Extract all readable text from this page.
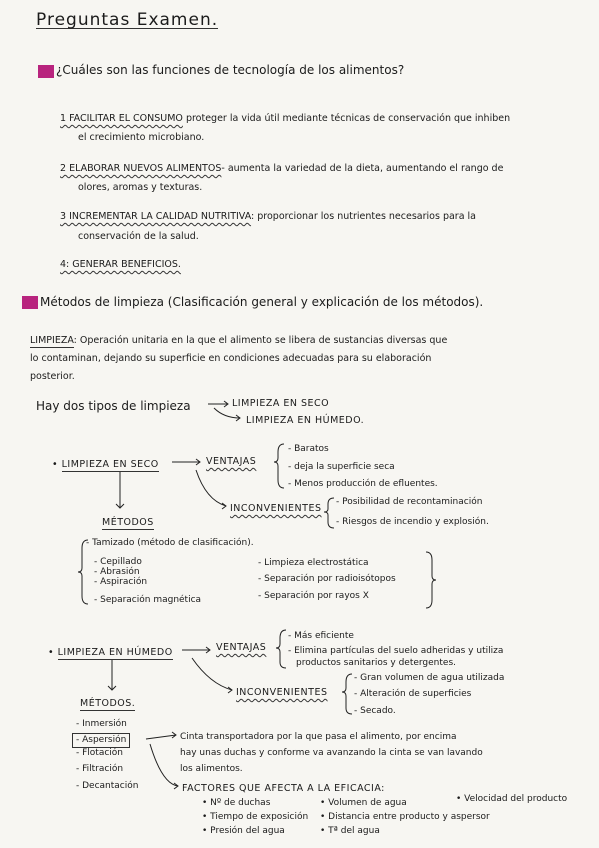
Preguntas Examen.
¿Cuáles son las funciones de tecnología de los alimentos?
1 FACILITAR EL CONSUMO proteger la vida útil mediante técnicas de conservación que inhiben
el crecimiento microbiano.
2 ELABORAR NUEVOS ALIMENTOS- aumenta la variedad de la dieta, aumentando el rango de
olores, aromas y texturas.
3 INCREMENTAR LA CALIDAD NUTRITIVA: proporcionar los nutrientes necesarios para la
conservación de la salud.
4: GENERAR BENEFICIOS.
Métodos de limpieza (Clasificación general y explicación de los métodos).
LIMPIEZA: Operación unitaria en la que el alimento se libera de sustancias diversas que
lo contaminan, dejando su superficie en condiciones adecuadas para su elaboración
posterior.
Hay dos tipos de limpieza	LIMPIEZA EN SECO
LIMPIEZA EN HÚMEDO.
• LIMPIEZA EN SECO	VENTAJAS
- Baratos
- deja la superficie seca
- Menos producción de efluentes.
INCONVENIENTES
- Posibilidad de recontaminación
- Riesgos de incendio y explosión.
MÉTODOS
- Tamizado (método de clasificación).
- Cepillado
- Abrasión
- Aspiración
- Separación magnética
- Limpieza electrostática
- Separación por radioisótopos
- Separación por rayos X
• LIMPIEZA EN HÚMEDO	VENTAJAS
- Más eficiente
- Elimina partículas del suelo adheridas y utiliza
productos sanitarios y detergentes.
INCONVENIENTES
- Gran volumen de agua utilizada
- Alteración de superficies
- Secado.
MÉTODOS.
- Inmersión
- Aspersión
- Flotación
- Filtración
- Decantación
Cinta transportadora por la que pasa el alimento, por encima
hay unas duchas y conforme va avanzando la cinta se van lavando
los alimentos.
FACTORES QUE AFECTA A LA EFICACIA:
• Nº de duchas
• Tiempo de exposición
• Presión del agua
• Volumen de agua
• Distancia entre producto y aspersor
• Tª del agua
• Velocidad del producto
